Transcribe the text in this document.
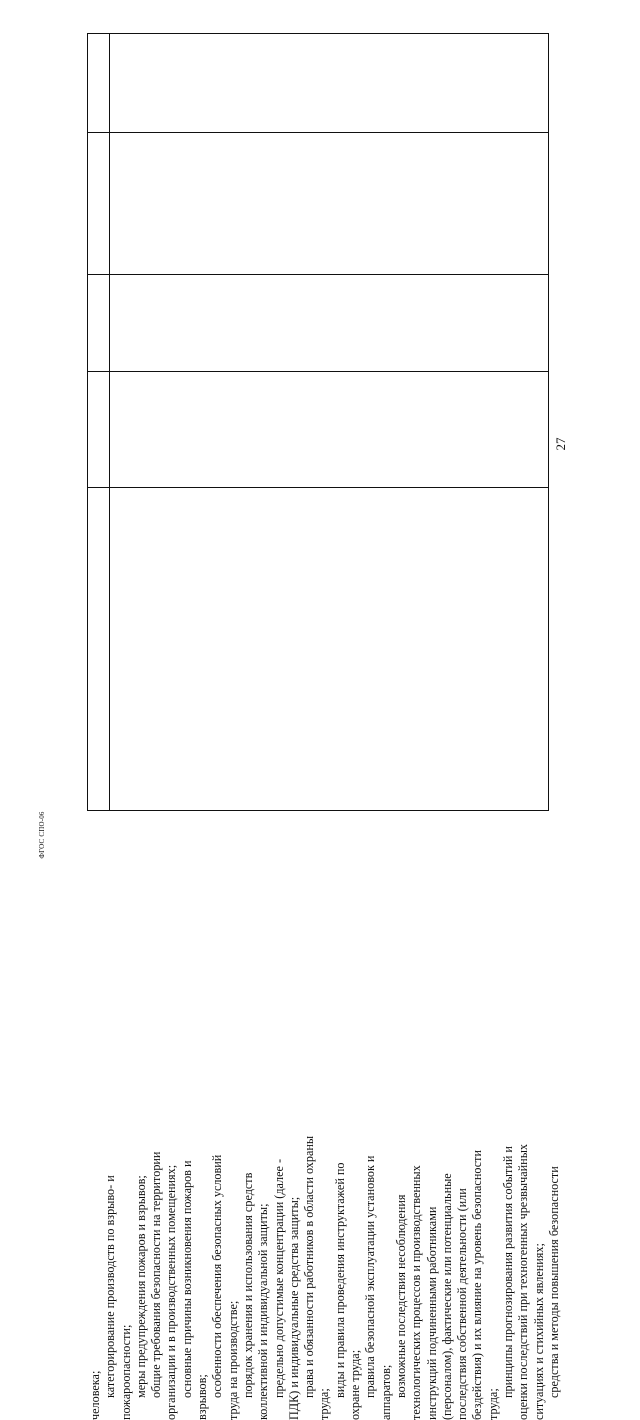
27

человека; категорирование производств по взрыво- и пожароопасности; меры предупреждения пожаров и взрывов; общие требования безопасности на территории организации и в производственных помещениях; основные причины возникновения пожаров и взрывов; особенности обеспечения безопасных условий труда на производстве; порядок хранения и использования средств коллективной и индивидуальной защиты; предельно допустимые концентрации (далее - ПДК) и индивидуальные средства защиты; права и обязанности работников в области охраны

труда;

виды и правила проведения инструктажей по охране труда; правила безопасной эксплуатации установок и аппаратов; возможные последствия несоблюдения технологических процессов и производственных инструкций подчиненными работниками (персоналом), фактические или потенциальные последствия собственной деятельности (или бездействия) и их влияние на уровень безопасности труда;

принципы прогнозирования развития событий и оценки последствий при техногенных чрезвычайных ситуациях и стихийных явлениях; средства и методы повышения безопасности

ФГОС СПО-06
